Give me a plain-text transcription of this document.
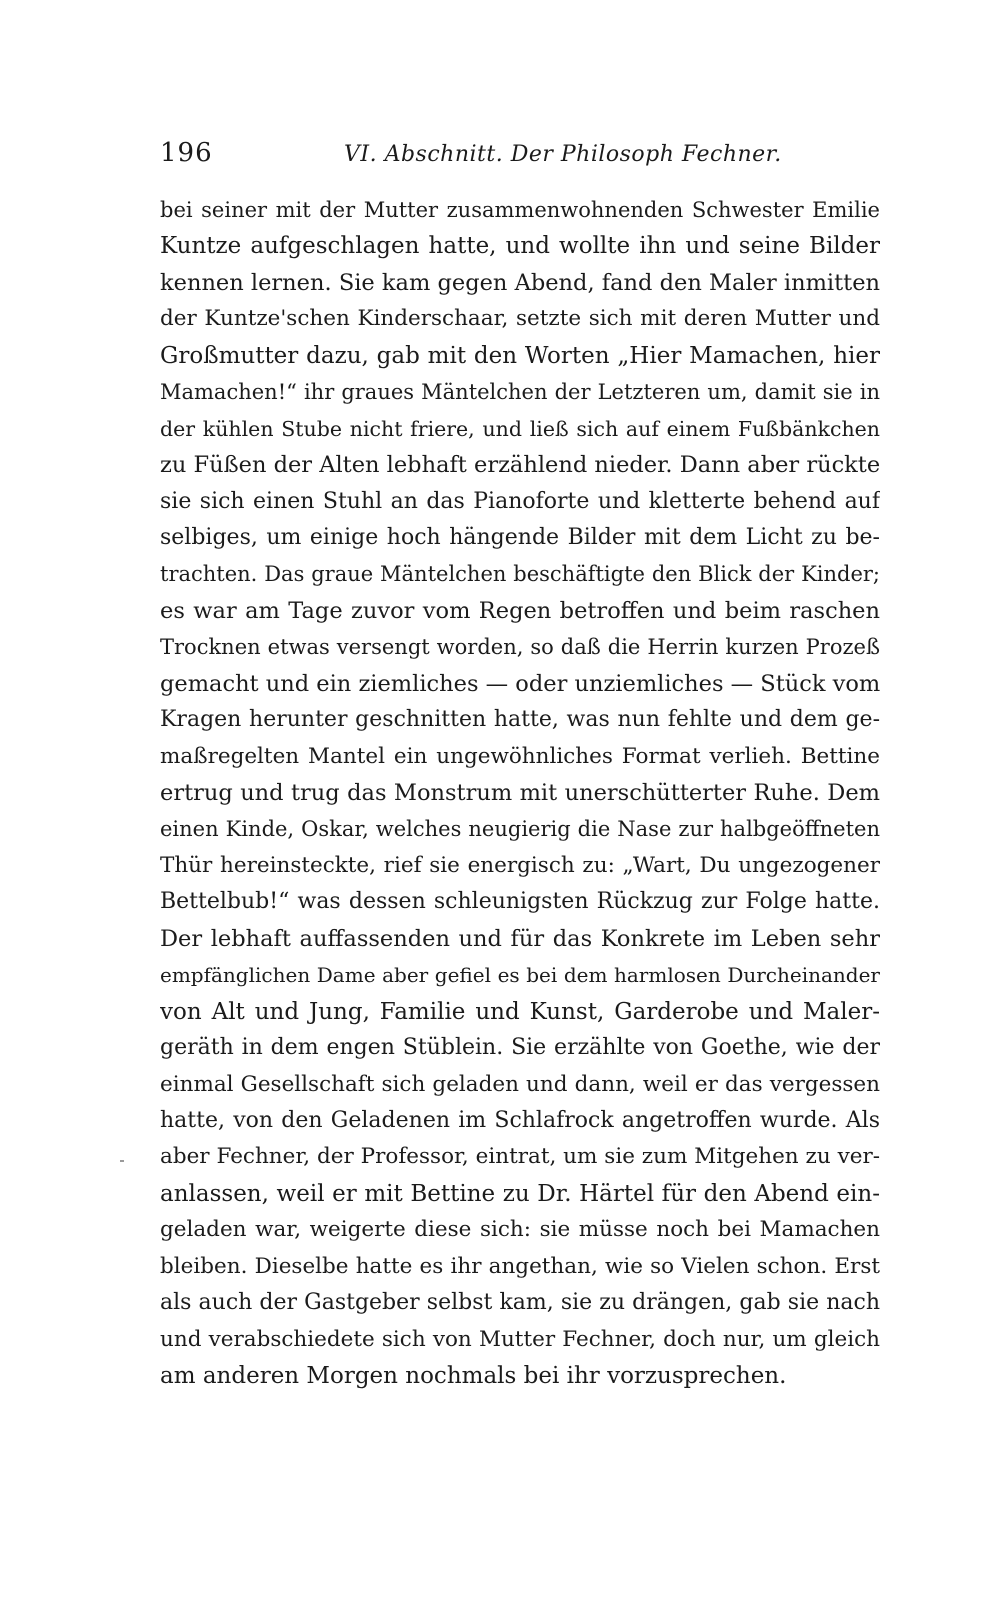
196	VI. Abschnitt. Der Philosoph Fechner.
bei seiner mit der Mutter zusammenwohnenden Schwester Emilie
Kuntze aufgeschlagen hatte, und wollte ihn und seine Bilder
kennen lernen. Sie kam gegen Abend, fand den Maler inmitten
der Kuntze'schen Kinderschaar, setzte sich mit deren Mutter und
Großmutter dazu, gab mit den Worten „Hier Mamachen, hier
Mamachen!“ ihr graues Mäntelchen der Letzteren um, damit sie in
der kühlen Stube nicht friere, und ließ sich auf einem Fußbänkchen
zu Füßen der Alten lebhaft erzählend nieder. Dann aber rückte
sie sich einen Stuhl an das Pianoforte und kletterte behend auf
selbiges, um einige hoch hängende Bilder mit dem Licht zu be-
trachten. Das graue Mäntelchen beschäftigte den Blick der Kinder;
es war am Tage zuvor vom Regen betroffen und beim raschen
Trocknen etwas versengt worden, so daß die Herrin kurzen Prozeß
gemacht und ein ziemliches — oder unziemliches — Stück vom
Kragen herunter geschnitten hatte, was nun fehlte und dem ge-
maßregelten Mantel ein ungewöhnliches Format verlieh. Bettine
ertrug und trug das Monstrum mit unerschütterter Ruhe. Dem
einen Kinde, Oskar, welches neugierig die Nase zur halbgeöffneten
Thür hereinsteckte, rief sie energisch zu: „Wart, Du ungezogener
Bettelbub!“ was dessen schleunigsten Rückzug zur Folge hatte.
Der lebhaft auffassenden und für das Konkrete im Leben sehr
empfänglichen Dame aber gefiel es bei dem harmlosen Durcheinander
von Alt und Jung, Familie und Kunst, Garderobe und Maler-
geräth in dem engen Stüblein. Sie erzählte von Goethe, wie der
einmal Gesellschaft sich geladen und dann, weil er das vergessen
hatte, von den Geladenen im Schlafrock angetroffen wurde. Als
aber Fechner, der Professor, eintrat, um sie zum Mitgehen zu ver-
anlassen, weil er mit Bettine zu Dr. Härtel für den Abend ein-
geladen war, weigerte diese sich: sie müsse noch bei Mamachen
bleiben. Dieselbe hatte es ihr angethan, wie so Vielen schon. Erst
als auch der Gastgeber selbst kam, sie zu drängen, gab sie nach
und verabschiedete sich von Mutter Fechner, doch nur, um gleich
am anderen Morgen nochmals bei ihr vorzusprechen.
